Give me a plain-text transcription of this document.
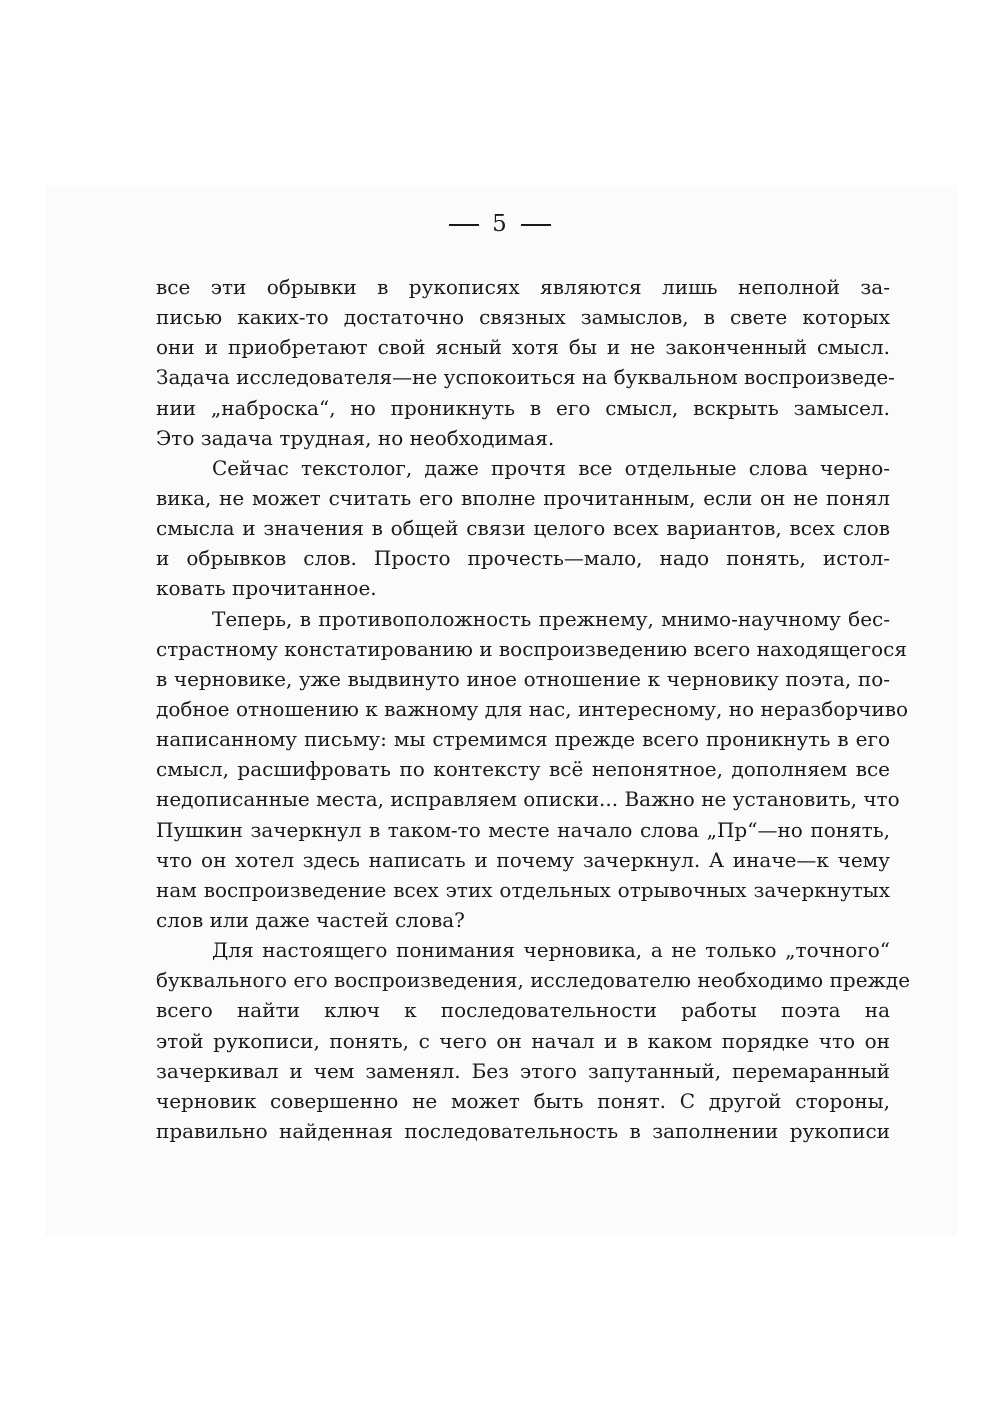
5
все эти обрывки в рукописях являются лишь неполной за-
писью каких-то достаточно связных замыслов, в свете которых
они и приобретают свой ясный хотя бы и не законченный смысл.
Задача исследователя—не успокоиться на буквальном воспроизведе-
нии „наброска“, но проникнуть в его смысл, вскрыть замысел.
Это задача трудная, но необходимая.
Сейчас текстолог, даже прочтя все отдельные слова черно-
вика, не может считать его вполне прочитанным, если он не понял
смысла и значения в общей связи целого всех вариантов, всех слов
и обрывков слов. Просто прочесть—мало, надо понять, истол-
ковать прочитанное.
Теперь, в противоположность прежнему, мнимо-научному бес-
страстному констатированию и воспроизведению всего находящегося
в черновике, уже выдвинуто иное отношение к черновику поэта, по-
добное отношению к важному для нас, интересному, но неразборчиво
написанному письму: мы стремимся прежде всего проникнуть в его
смысл, расшифровать по контексту всё непонятное, дополняем все
недописанные места, исправляем описки... Важно не установить, что
Пушкин зачеркнул в таком-то месте начало слова „Пр“—но понять,
что он хотел здесь написать и почему зачеркнул. А иначе—к чему
нам воспроизведение всех этих отдельных отрывочных зачеркнутых
слов или даже частей слова?
Для настоящего понимания черновика, а не только „точного“
буквального его воспроизведения, исследователю необходимо прежде
всего найти ключ к последовательности работы поэта на
этой рукописи, понять, с чего он начал и в каком порядке что он
зачеркивал и чем заменял. Без этого запутанный, перемаранный
черновик совершенно не может быть понят. С другой стороны,
правильно найденная последовательность в заполнении рукописи
